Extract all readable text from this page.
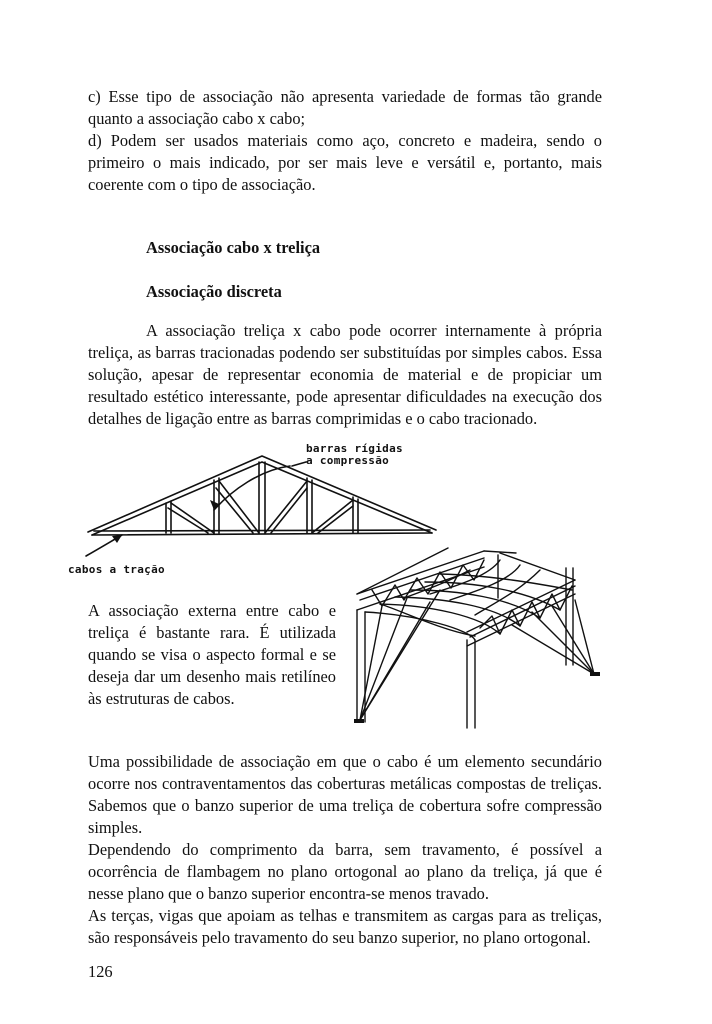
c) Esse tipo de associação não apresenta variedade de formas tão grande quanto a associação cabo x cabo;

d) Podem ser usados materiais como aço, concreto e madeira, sendo o primeiro o mais indicado, por ser mais leve e versátil e, portanto, mais coerente com o tipo de associação.

Associação cabo x treliça

Associação discreta

A associação treliça x cabo pode ocorrer internamente à própria treliça, as barras tracionadas podendo ser substituídas por simples cabos. Essa solução, apesar de representar economia de material e de propiciar um resultado estético interessante, pode apresentar dificuldades na execução dos detalhes de ligação entre as barras comprimidas e o cabo tracionado.

barras rígidas

a compressão

cabos a tração

A associação externa entre cabo e treliça é bastante rara. É utilizada quando se visa o aspecto formal e se deseja dar um desenho mais retilíneo às estruturas de cabos.

Uma possibilidade de associação em que o cabo é um elemento secundário ocorre nos contraventamentos das coberturas metálicas compostas de treliças. Sabemos que o banzo superior de uma treliça de cobertura sofre compressão simples.

Dependendo do comprimento da barra, sem travamento, é possível a ocorrência de flambagem no plano ortogonal ao plano da treliça, já que é nesse plano que o banzo superior encontra-se menos travado.

As terças, vigas que apoiam as telhas e transmitem as cargas para as treliças, são responsáveis pelo travamento do seu banzo superior, no plano ortogonal.

126
